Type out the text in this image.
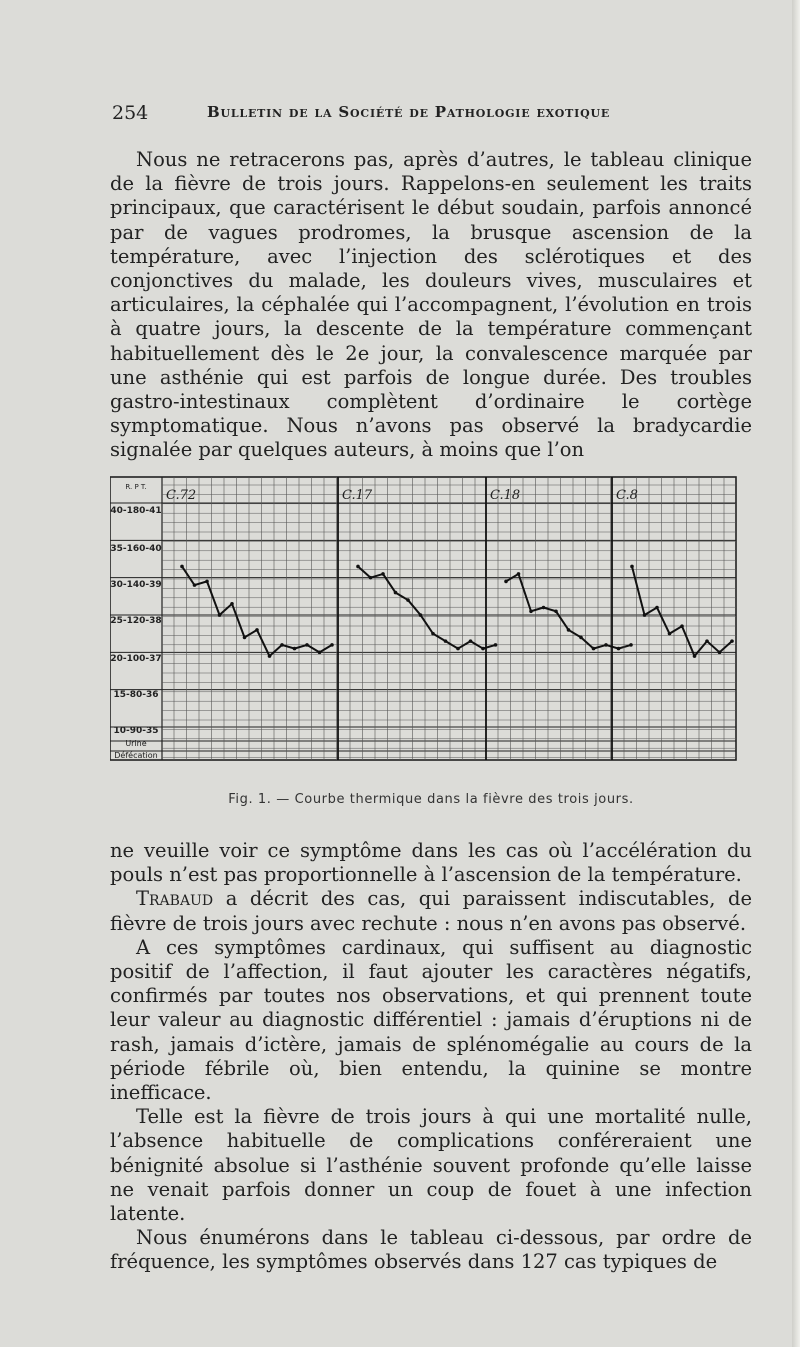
254	Bulletin de la Société de Pathologie exotique

Nous ne retracerons pas, après d’autres, le tableau clinique de la fièvre de trois jours. Rappelons-en seulement les traits principaux, que caractérisent le début soudain, parfois annoncé par de vagues prodromes, la brusque ascension de la température, avec l’injection des sclérotiques et des conjonctives du malade, les douleurs vives, musculaires et articulaires, la céphalée qui l’accompagnent, l’évolution en trois à quatre jours, la descente de la température commençant habituellement dès le 2e jour, la convalescence marquée par une asthénie qui est parfois de longue durée. Des troubles gastro-intestinaux complètent d’ordinaire le cortège symptomatique. Nous n’avons pas observé la bradycardie signalée par quelques auteurs, à moins que l’on

C.72	C.17	C.18	C.8
R. P T.
40-180-41
35-160-40
30-140-39
25-120-38
20-100-37
15-80-36
10-90-35
Urine
Défécation
Fig. 1. — Courbe thermique dans la fièvre des trois jours.

ne veuille voir ce symptôme dans les cas où l’accélération du pouls n’est pas proportionnelle à l’ascension de la température.

Trabaud a décrit des cas, qui paraissent indiscutables, de fièvre de trois jours avec rechute : nous n’en avons pas observé.

A ces symptômes cardinaux, qui suffisent au diagnostic positif de l’affection, il faut ajouter les caractères négatifs, confirmés par toutes nos observations, et qui prennent toute leur valeur au diagnostic différentiel : jamais d’éruptions ni de rash, jamais d’ictère, jamais de splénomégalie au cours de la période fébrile où, bien entendu, la quinine se montre inefficace.

Telle est la fièvre de trois jours à qui une mortalité nulle, l’absence habituelle de complications conféreraient une bénignité absolue si l’asthénie souvent profonde qu’elle laisse ne venait parfois donner un coup de fouet à une infection latente.

Nous énumérons dans le tableau ci-dessous, par ordre de fréquence, les symptômes observés dans 127 cas typiques de
